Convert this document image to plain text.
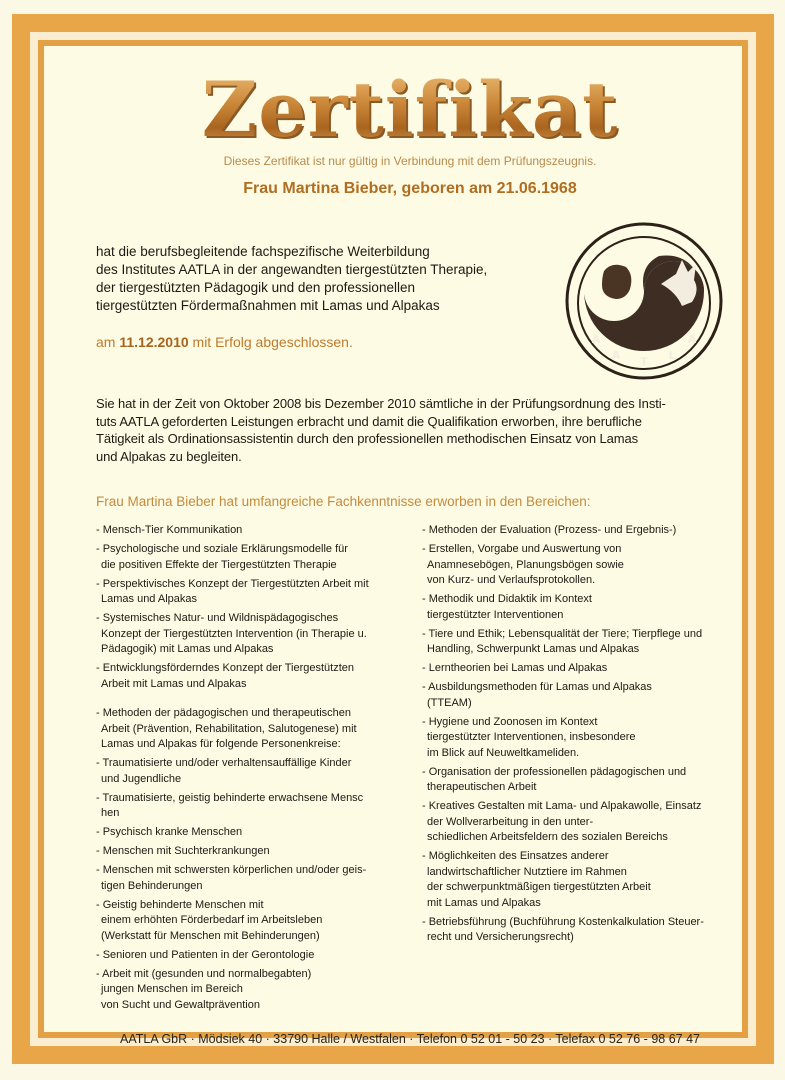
Zertifikat
Dieses Zertifikat ist nur gültig in Verbindung mit dem Prüfungszeugnis.
Frau Martina Bieber, geboren am 21.06.1968
hat die berufsbegleitende fachspezifische Weiterbildung
des Institutes AATLA in der angewandten tiergestützten Therapie,
der tiergestützten Pädagogik und den professionellen
tiergestützten Fördermaßnahmen mit Lamas und Alpakas
am 11.12.2010 mit Erfolg abgeschlossen.	A
A T L
A
Sie hat in der Zeit von Oktober 2008 bis Dezember 2010 sämtliche in der Prüfungsordnung des Insti-
tuts AATLA geforderten Leistungen erbracht und damit die Qualifikation erworben, ihre berufliche
Tätigkeit als Ordinationsassistentin durch den professionellen methodischen Einsatz von Lamas
und Alpakas zu begleiten.
Frau Martina Bieber hat umfangreiche Fachkenntnisse erworben in den Bereichen:
- Mensch-Tier Kommunikation
- Psychologische und soziale Erklärungsmodelle für
die positiven Effekte der Tiergestützten Therapie
- Perspektivisches Konzept der Tiergestützten Arbeit mit
Lamas und Alpakas
- Systemisches Natur- und Wildnispädagogisches
Konzept der Tiergestützten Intervention (in Therapie u.
Pädagogik) mit Lamas und Alpakas
- Entwicklungsförderndes Konzept der Tiergestützten
Arbeit mit Lamas und Alpakas
- Methoden der pädagogischen und therapeutischen
Arbeit (Prävention, Rehabilitation, Salutogenese) mit
Lamas und Alpakas für folgende Personenkreise:
- Traumatisierte und/oder verhaltensauffällige Kinder
und Jugendliche
- Traumatisierte, geistig behinderte erwachsene Mensc
hen
- Psychisch kranke Menschen
- Menschen mit Suchterkrankungen
- Menschen mit schwersten körperlichen und/oder geis-
tigen Behinderungen
- Geistig behinderte Menschen mit
einem erhöhten Förderbedarf im Arbeitsleben
(Werkstatt für Menschen mit Behinderungen)
- Senioren und Patienten in der Gerontologie
- Arbeit mit (gesunden und normalbegabten)
jungen Menschen im Bereich
von Sucht und Gewaltprävention
- Methoden der Evaluation (Prozess- und Ergebnis-)
- Erstellen, Vorgabe und Auswertung von
Anamnesebögen, Planungsbögen sowie
von Kurz- und Verlaufsprotokollen.
- Methodik und Didaktik im Kontext
tiergestützter Interventionen
- Tiere und Ethik; Lebensqualität der Tiere; Tierpflege und
Handling, Schwerpunkt Lamas und Alpakas
- Lerntheorien bei Lamas und Alpakas
- Ausbildungsmethoden für Lamas und Alpakas
(TTEAM)
- Hygiene und Zoonosen im Kontext
tiergestützter Interventionen, insbesondere
im Blick auf Neuweltkameliden.
- Organisation der professionellen pädagogischen und
therapeutischen Arbeit
- Kreatives Gestalten mit Lama- und Alpakawolle, Einsatz
der Wollverarbeitung in den unter-
schiedlichen Arbeitsfeldern des sozialen Bereichs
- Möglichkeiten des Einsatzes anderer
landwirtschaftlicher Nutztiere im Rahmen
der schwerpunktmäßigen tiergestützten Arbeit
mit Lamas und Alpakas
- Betriebsführung (Buchführung Kostenkalkulation Steuer-
recht und Versicherungsrecht)
AATLA GbR · Mödsiek 40 · 33790 Halle / Westfalen · Telefon 0 52 01 - 50 23 · Telefax 0 52 76 - 98 67 47
